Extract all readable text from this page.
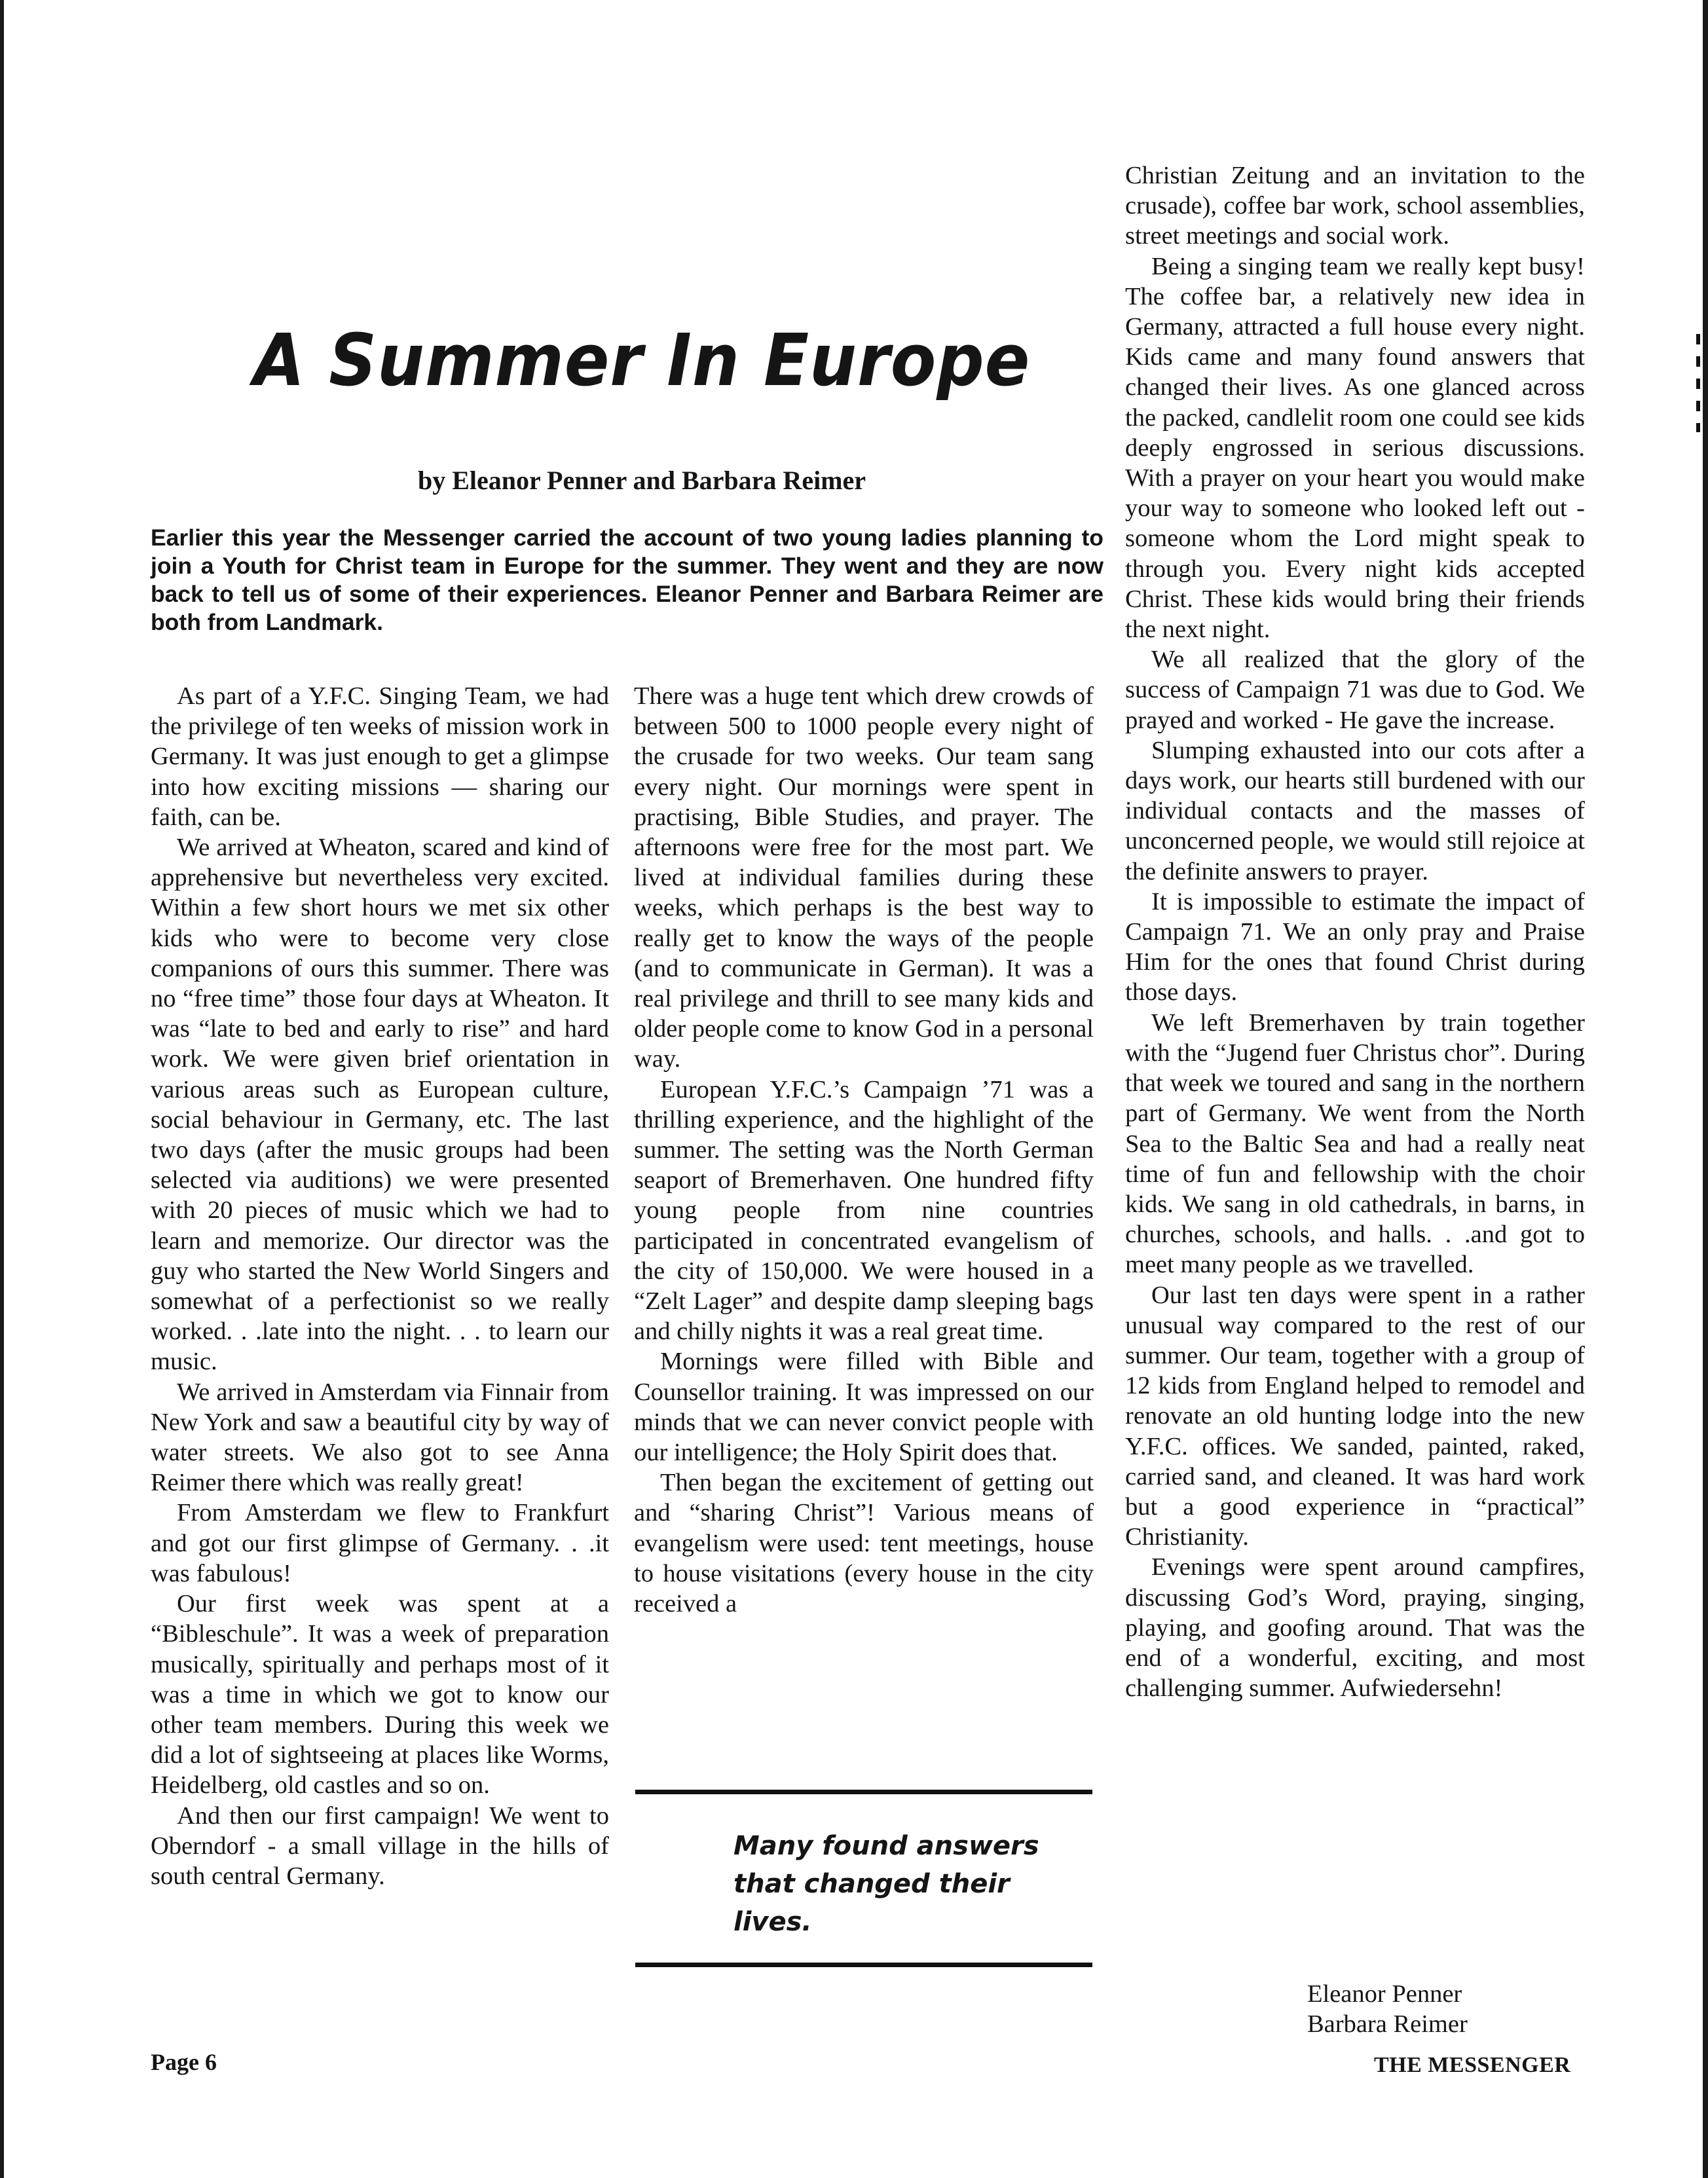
A Summer In Europe
by Eleanor Penner and Barbara Reimer

Earlier this year the Messenger carried the account of two young ladies planning to join a Youth for Christ team in Europe for the summer. They went and they are now back to tell us of some of their experiences. Eleanor Penner and Barbara Reimer are both from Landmark.

As part of a Y.F.C. Singing Team, we had the privilege of ten weeks of mission work in Germany. It was just enough to get a glimpse into how exciting missions — sharing our faith, can be.

We arrived at Wheaton, scared and kind of apprehensive but nevertheless very excited. Within a few short hours we met six other kids who were to become very close companions of ours this summer. There was no “free time” those four days at Wheaton. It was “late to bed and early to rise” and hard work. We were given brief orientation in various areas such as European culture, social behaviour in Germany, etc. The last two days (after the music groups had been selected via auditions) we were presented with 20 pieces of music which we had to learn and memorize. Our director was the guy who started the New World Singers and somewhat of a perfectionist so we really worked. . .late into the night. . . to learn our music.

We arrived in Amsterdam via Finnair from New York and saw a beautiful city by way of water streets. We also got to see Anna Reimer there which was really great!

From Amsterdam we flew to Frankfurt and got our first glimpse of Germany. . .it was fabulous!

Our first week was spent at a “Bibleschule”. It was a week of preparation musically, spiritually and perhaps most of it was a time in which we got to know our other team members. During this week we did a lot of sightseeing at places like Worms, Heidelberg, old castles and so on.

And then our first campaign! We went to Oberndorf - a small village in the hills of south central Germany.

There was a huge tent which drew crowds of between 500 to 1000 people every night of the crusade for two weeks. Our team sang every night. Our mornings were spent in practising, Bible Studies, and prayer. The afternoons were free for the most part. We lived at individual families during these weeks, which perhaps is the best way to really get to know the ways of the people (and to communicate in German). It was a real privilege and thrill to see many kids and older people come to know God in a personal way.

European Y.F.C.’s Campaign ’71 was a thrilling experience, and the highlight of the summer. The setting was the North German seaport of Bremerhaven. One hundred fifty young people from nine countries participated in concentrated evangelism of the city of 150,000. We were housed in a “Zelt Lager” and despite damp sleeping bags and chilly nights it was a real great time.

Mornings were filled with Bible and Counsellor training. It was impressed on our minds that we can never convict people with our intelligence; the Holy Spirit does that.

Then began the excitement of getting out and “sharing Christ”! Various means of evangelism were used: tent meetings, house to house visitations (every house in the city received a

Many found answers that changed their lives.

Christian Zeitung and an invitation to the crusade), coffee bar work, school assemblies, street meetings and social work.

Being a singing team we really kept busy! The coffee bar, a relatively new idea in Germany, attracted a full house every night. Kids came and many found answers that changed their lives. As one glanced across the packed, candlelit room one could see kids deeply engrossed in serious discussions. With a prayer on your heart you would make your way to someone who looked left out - someone whom the Lord might speak to through you. Every night kids accepted Christ. These kids would bring their friends the next night.

We all realized that the glory of the success of Campaign 71 was due to God. We prayed and worked - He gave the increase.

Slumping exhausted into our cots after a days work, our hearts still burdened with our individual contacts and the masses of unconcerned people, we would still rejoice at the definite answers to prayer.

It is impossible to estimate the impact of Campaign 71. We an only pray and Praise Him for the ones that found Christ during those days.

We left Bremerhaven by train together with the “Jugend fuer Christus chor”. During that week we toured and sang in the northern part of Germany. We went from the North Sea to the Baltic Sea and had a really neat time of fun and fellowship with the choir kids. We sang in old cathedrals, in barns, in churches, schools, and halls. . .and got to meet many people as we travelled.

Our last ten days were spent in a rather unusual way compared to the rest of our summer. Our team, together with a group of 12 kids from England helped to remodel and renovate an old hunting lodge into the new Y.F.C. offices. We sanded, painted, raked, carried sand, and cleaned. It was hard work but a good experience in “practical” Christianity.

Evenings were spent around campfires, discussing God’s Word, praying, singing, playing, and goofing around. That was the end of a wonderful, exciting, and most challenging summer. Aufwiedersehn!

Eleanor Penner
Barbara Reimer
Page 6	THE MESSENGER
